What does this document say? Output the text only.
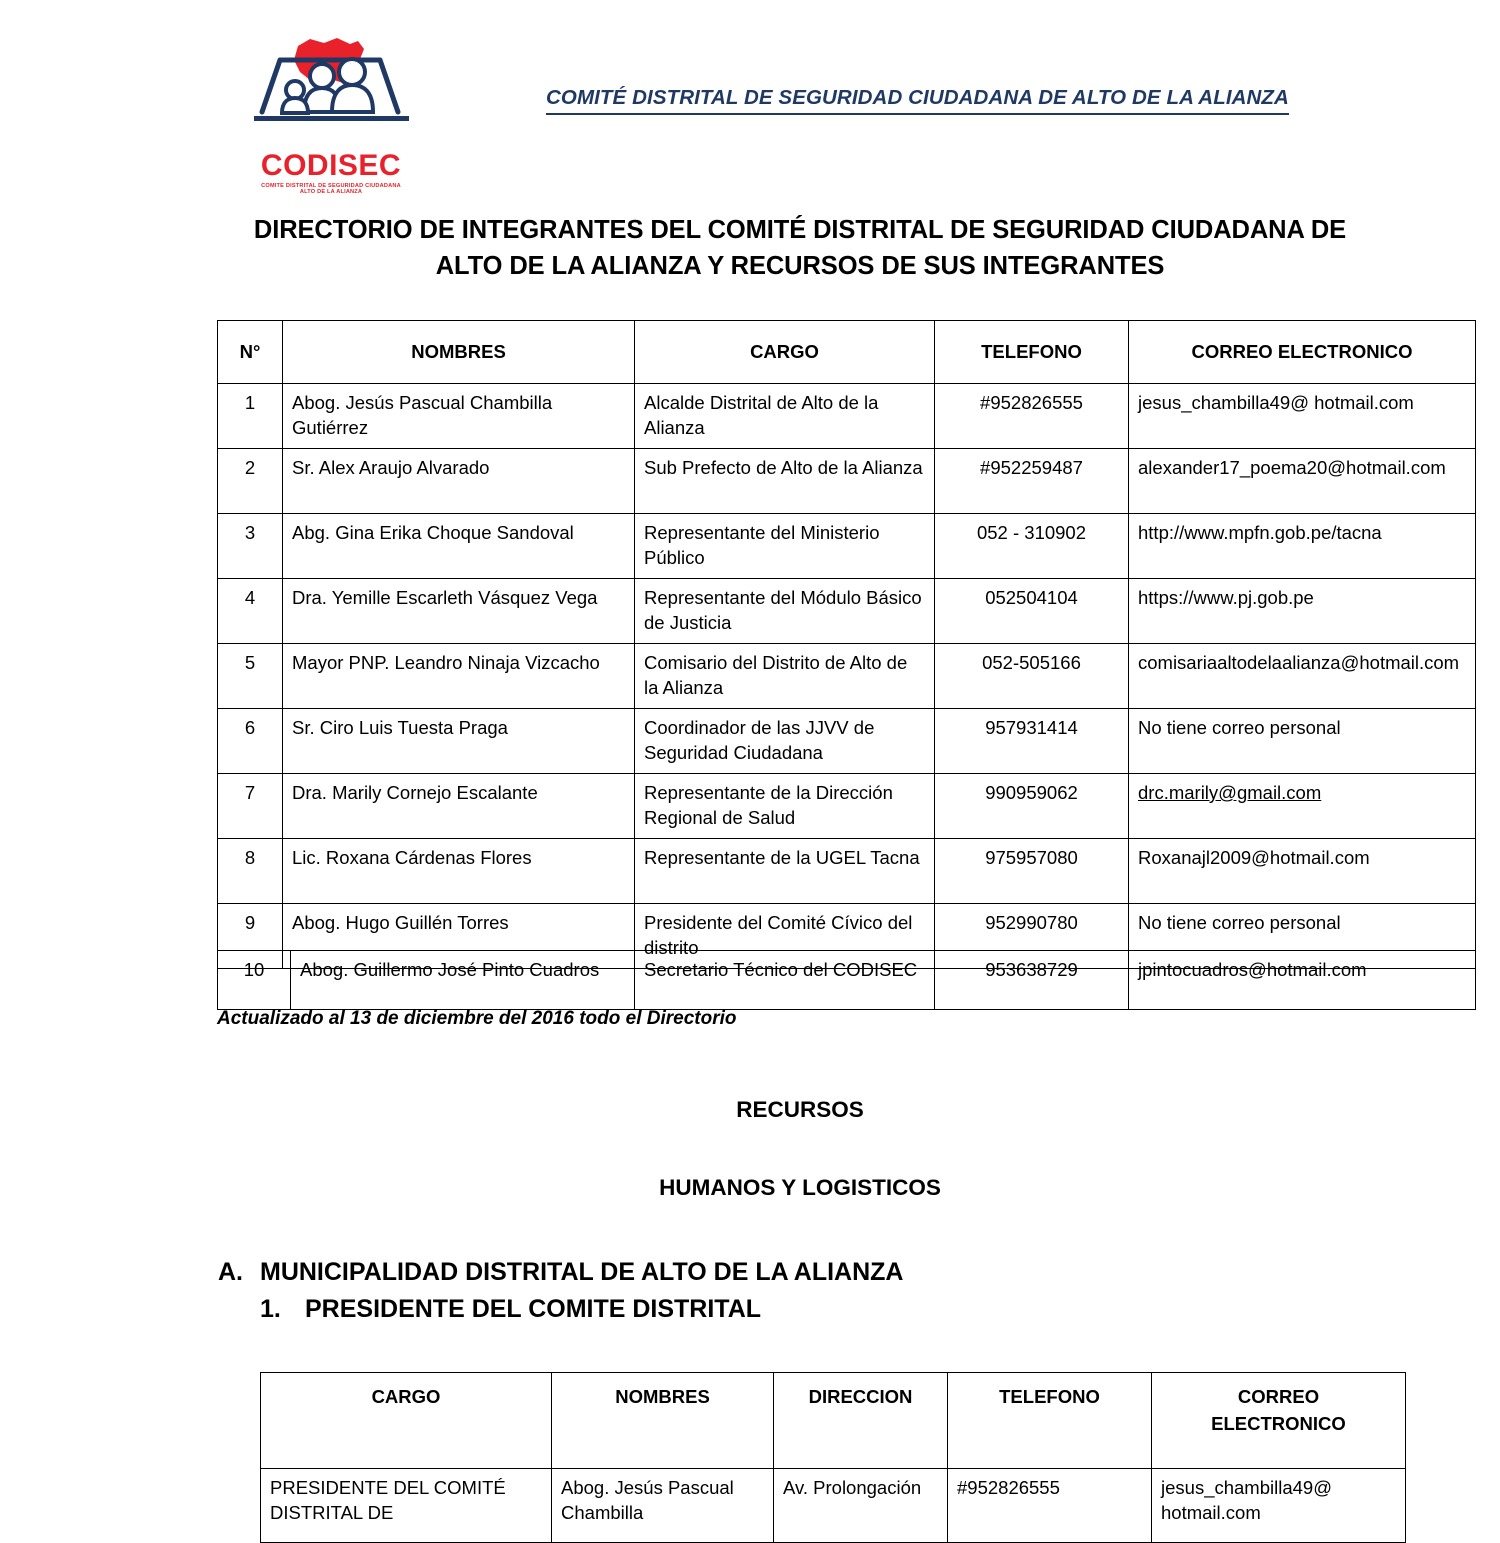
CODISEC
COMITE DISTRITAL DE SEGURIDAD CIUDADANA
ALTO DE LA ALIANZA
COMITÉ DISTRITAL DE SEGURIDAD CIUDADANA DE ALTO DE LA ALIANZA
DIRECTORIO DE INTEGRANTES DEL COMITÉ DISTRITAL DE SEGURIDAD CIUDADANA DE
ALTO DE LA ALIANZA Y RECURSOS DE SUS INTEGRANTES
N°	NOMBRES	CARGO	TELEFONO	CORREO ELECTRONICO
1	Abog. Jesús Pascual Chambilla Gutiérrez	Alcalde Distrital de Alto de la Alianza	#952826555	jesus_chambilla49@ hotmail.com
2	Sr. Alex Araujo Alvarado	Sub Prefecto de Alto de la Alianza	#952259487	alexander17_poema20@hotmail.com
3	Abg. Gina Erika Choque Sandoval	Representante del Ministerio Público	052 - 310902	http://www.mpfn.gob.pe/tacna
4	Dra. Yemille Escarleth Vásquez Vega	Representante del Módulo Básico de Justicia	052504104	https://www.pj.gob.pe
5	Mayor PNP. Leandro Ninaja Vizcacho	Comisario del Distrito de Alto de la Alianza	052-505166	comisariaaltodelaalianza@hotmail.com
6	Sr. Ciro Luis Tuesta Praga	Coordinador de las JJVV de Seguridad Ciudadana	957931414	No tiene correo personal
7	Dra. Marily Cornejo Escalante	Representante de la Dirección Regional de Salud	990959062	drc.marily@gmail.com
8	Lic. Roxana Cárdenas Flores	Representante de la UGEL Tacna	975957080	Roxanajl2009@hotmail.com
9	Abog. Hugo Guillén Torres	Presidente del Comité Cívico del distrito	952990780	No tiene correo personal
10	Abog. Guillermo José Pinto Cuadros	Secretario Técnico del CODISEC	953638729	jpintocuadros@hotmail.com
Actualizado al 13 de diciembre del 2016 todo el Directorio
RECURSOS
HUMANOS Y LOGISTICOS
A. MUNICIPALIDAD DISTRITAL DE ALTO DE LA ALIANZA
1. PRESIDENTE DEL COMITE DISTRITAL
CARGO	NOMBRES	DIRECCION	TELEFONO	CORREO
ELECTRONICO

PRESIDENTE DEL COMITÉ DISTRITAL DE	Abog. Jesús Pascual Chambilla	Av. Prolongación	#952826555	jesus_chambilla49@ hotmail.com
